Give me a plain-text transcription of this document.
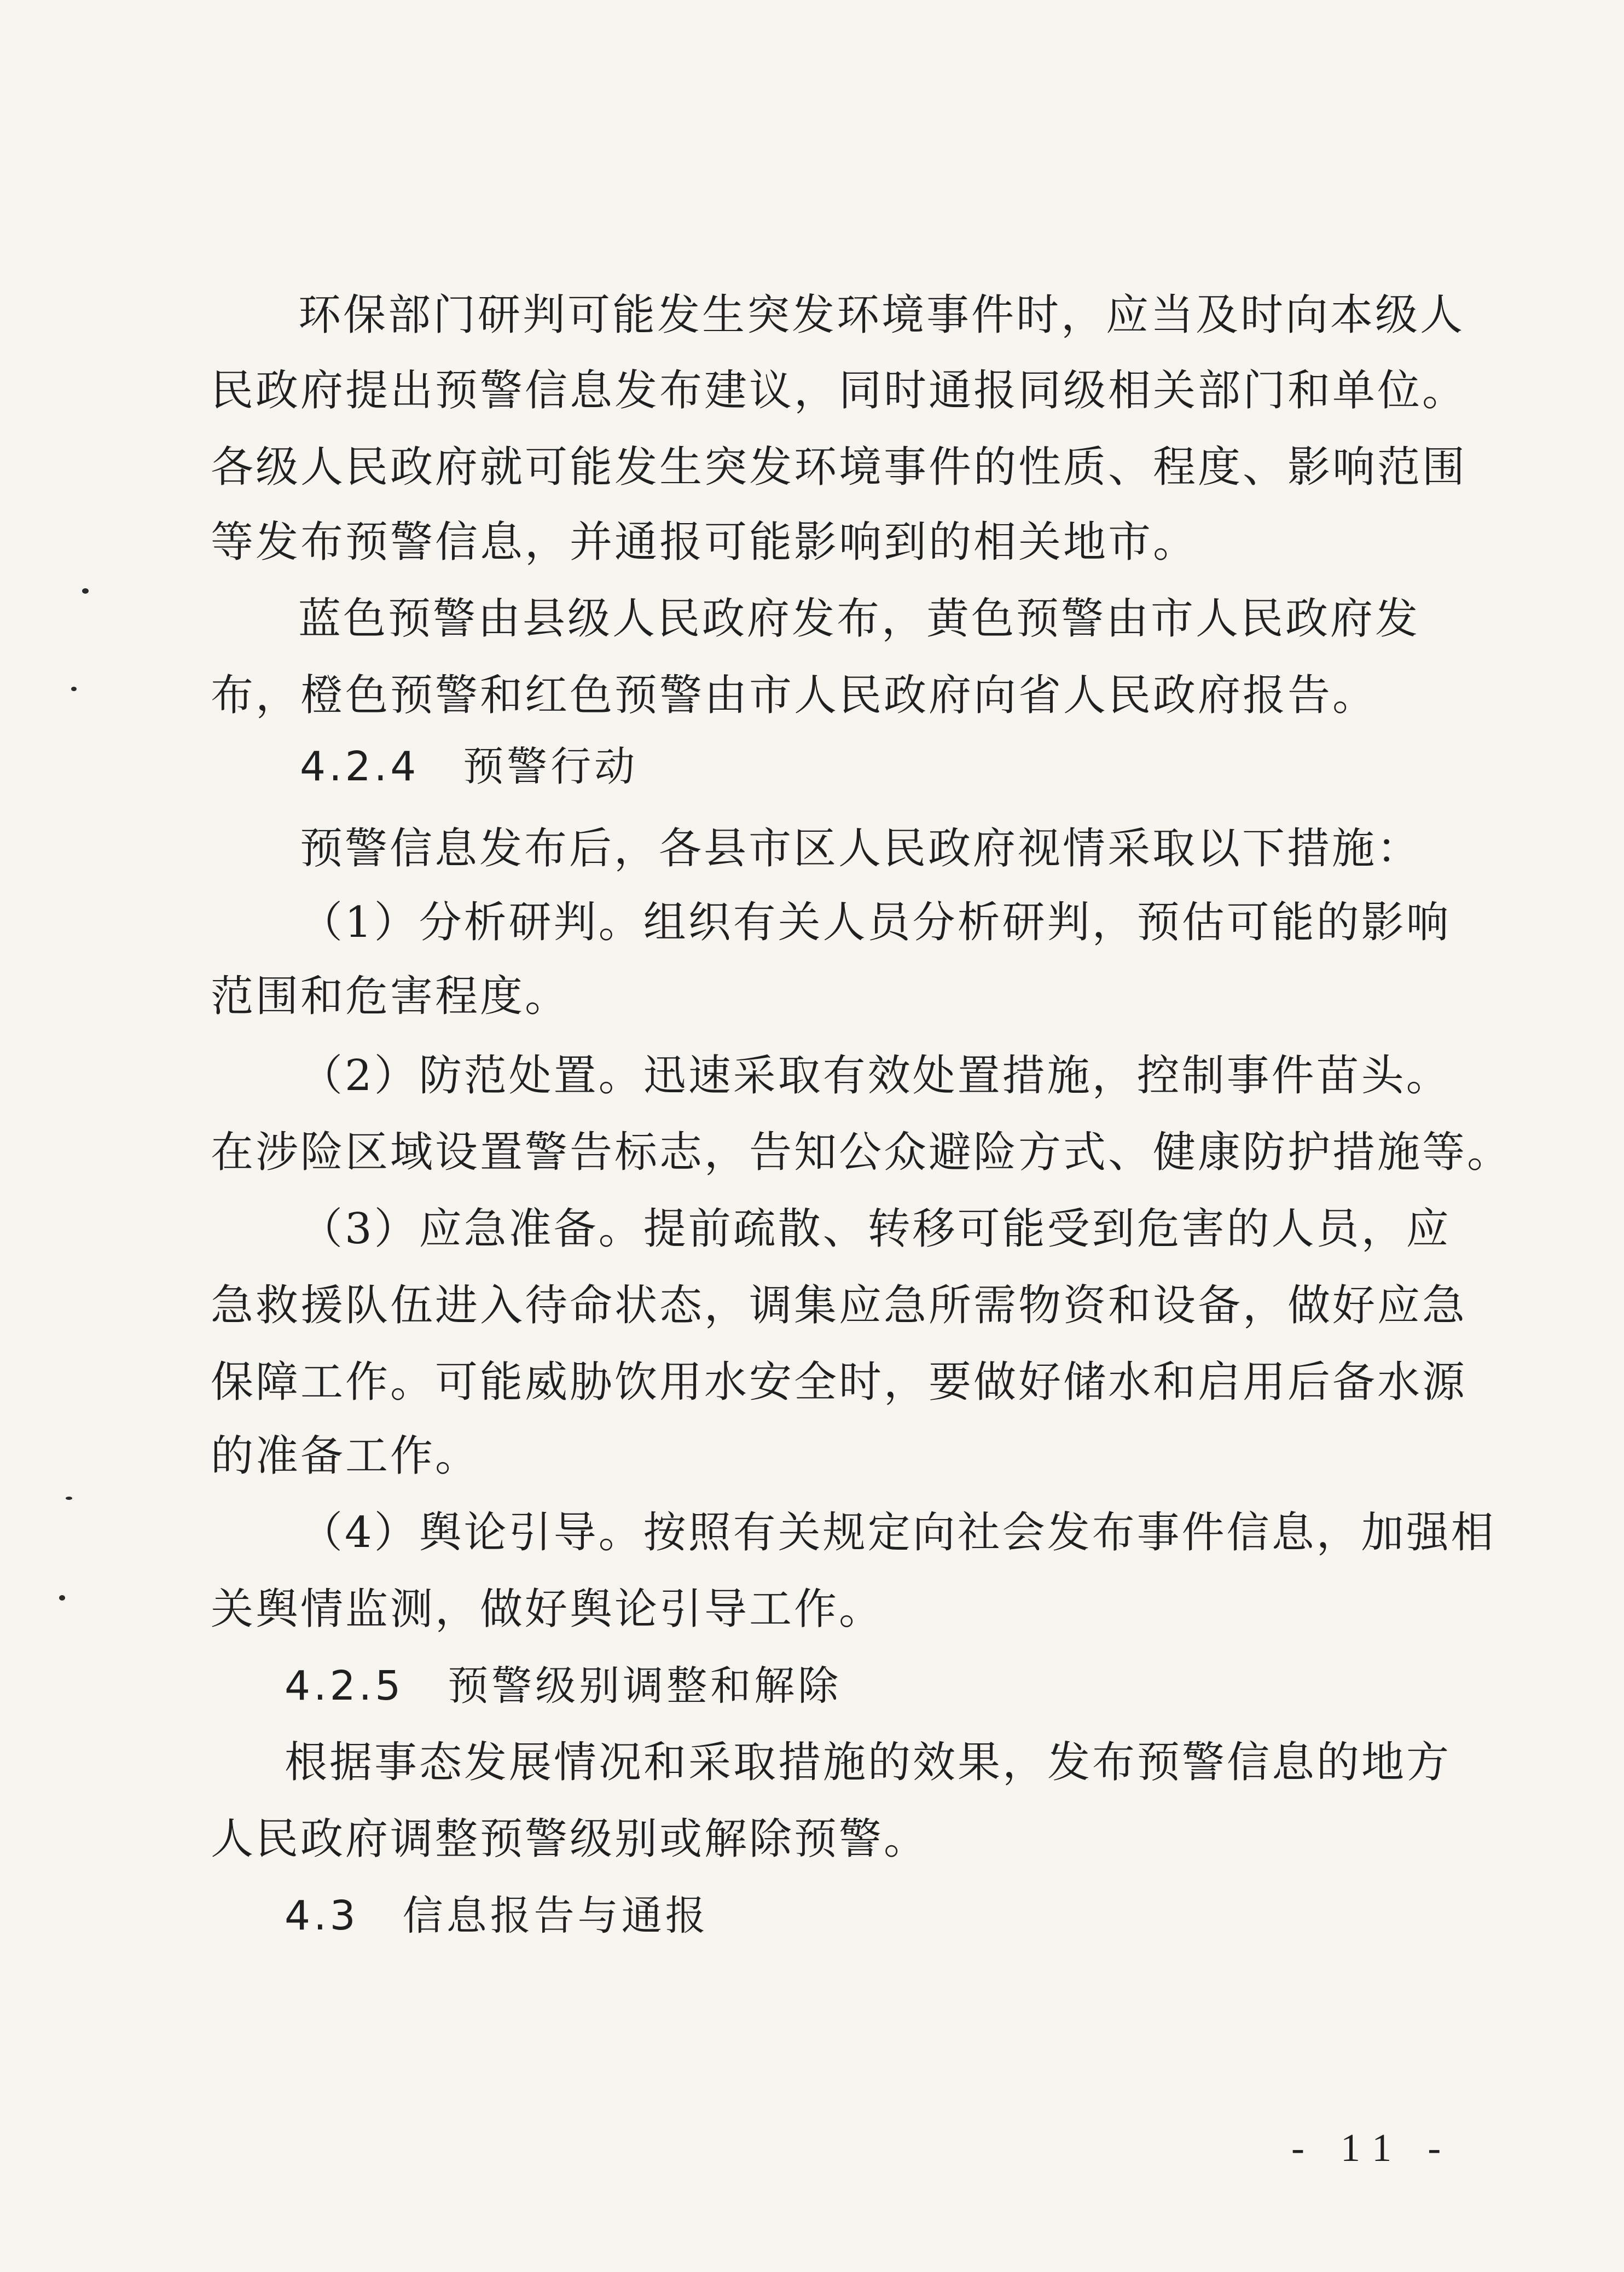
环保部门研判可能发生突发环境事件时，应当及时向本级人
民政府提出预警信息发布建议，同时通报同级相关部门和单位。
各级人民政府就可能发生突发环境事件的性质、程度、影响范围
等发布预警信息，并通报可能影响到的相关地市。
蓝色预警由县级人民政府发布，黄色预警由市人民政府发
布，橙色预警和红色预警由市人民政府向省人民政府报告。
4.2.4　预警行动
预警信息发布后，各县市区人民政府视情采取以下措施：
（1）分析研判。组织有关人员分析研判，预估可能的影响
范围和危害程度。
（2）防范处置。迅速采取有效处置措施，控制事件苗头。
在涉险区域设置警告标志，告知公众避险方式、健康防护措施等。
（3）应急准备。提前疏散、转移可能受到危害的人员，应
急救援队伍进入待命状态，调集应急所需物资和设备，做好应急
保障工作。可能威胁饮用水安全时，要做好储水和启用后备水源
的准备工作。
（4）舆论引导。按照有关规定向社会发布事件信息，加强相
关舆情监测，做好舆论引导工作。
4.2.5　预警级别调整和解除
根据事态发展情况和采取措施的效果，发布预警信息的地方
人民政府调整预警级别或解除预警。
4.3　信息报告与通报
- 11 -
